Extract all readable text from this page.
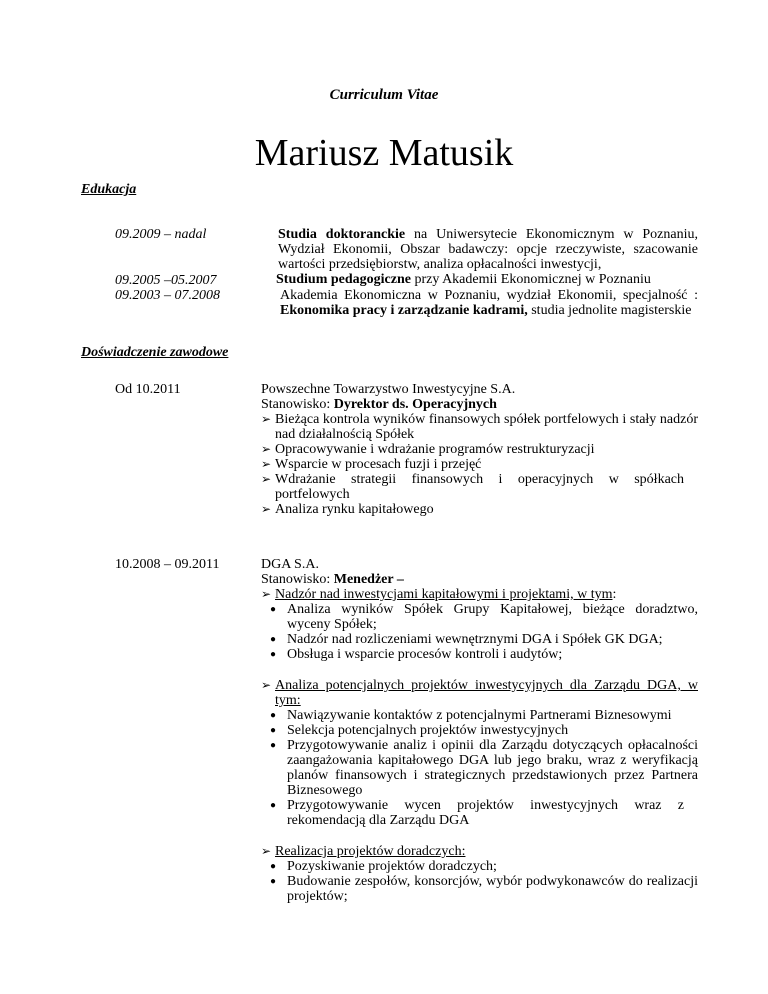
Curriculum Vitae
Mariusz Matusik
Edukacja
09.2009 – nadal
09.2005 –05.2007
09.2003 – 07.2008
Studia doktoranckie na Uniwersytecie Ekonomicznym w Poznaniu,
Wydział Ekonomii, Obszar badawczy: opcje rzeczywiste, szacowanie
wartości przedsiębiorstw, analiza opłacalności inwestycji,
Studium pedagogiczne przy Akademii Ekonomicznej w Poznaniu
Akademia Ekonomiczna w Poznaniu, wydział Ekonomii, specjalność :
Ekonomika pracy i zarządzanie kadrami, studia jednolite magisterskie
Doświadczenie zawodowe
Od 10.2011	Powszechne Towarzystwo Inwestycyjne S.A.
Stanowisko: Dyrektor ds. Operacyjnych
➢ Bieżąca kontrola wyników finansowych spółek portfelowych i stały nadzór nad działalnością Spółek
➢ Opracowywanie i wdrażanie programów restrukturyzacji
➢ Wsparcie w procesach fuzji i przejęć
➢ Wdrażanie strategii finansowych i operacyjnych w spółkach portfelowych
➢ Analiza rynku kapitałowego
10.2008 – 09.2011	DGA S.A.
Stanowisko: Menedżer –
➢ Nadzór nad inwestycjami kapitałowymi i projektami, w tym:
● Analiza wyników Spółek Grupy Kapitałowej, bieżące doradztwo, wyceny Spółek;
● Nadzór nad rozliczeniami wewnętrznymi DGA i Spółek GK DGA;
● Obsługa i wsparcie procesów kontroli i audytów;
➢ Analiza potencjalnych projektów inwestycyjnych dla Zarządu DGA, w tym:
● Nawiązywanie kontaktów z potencjalnymi Partnerami Biznesowymi
● Selekcja potencjalnych projektów inwestycyjnych
● Przygotowywanie analiz i opinii dla Zarządu dotyczących opłacalności zaangażowania kapitałowego DGA lub jego braku, wraz z weryfikacją planów finansowych i strategicznych przedstawionych przez Partnera Biznesowego
● Przygotowywanie wycen projektów inwestycyjnych wraz z rekomendacją dla Zarządu DGA
➢ Realizacja projektów doradczych:
● Pozyskiwanie projektów doradczych;
● Budowanie zespołów, konsorcjów, wybór podwykonawców do realizacji projektów;
